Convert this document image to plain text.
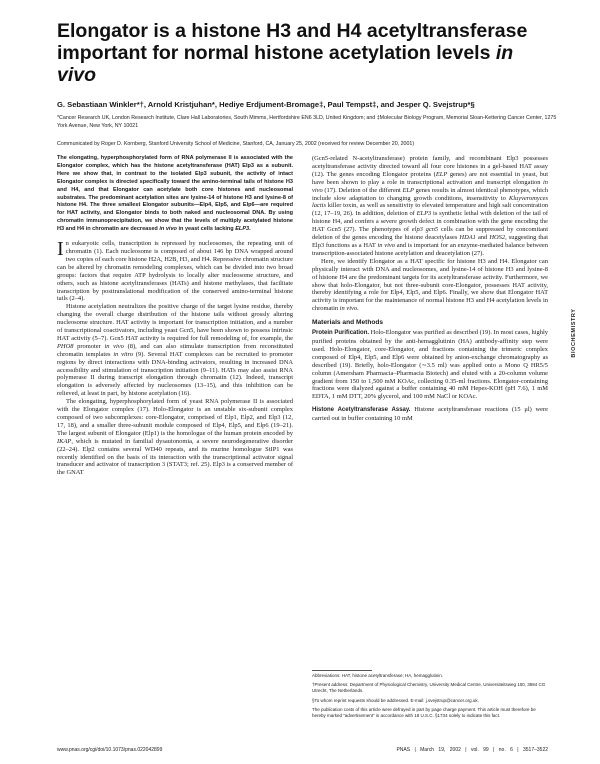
Elongator is a histone H3 and H4 acetyltransferase important for normal histone acetylation levels in vivo
G. Sebastiaan Winkler*†, Arnold Kristjuhan*, Hediye Erdjument-Bromage‡, Paul Tempst‡, and Jesper Q. Svejstrup*§
*Cancer Research UK, London Research Institute, Clare Hall Laboratories, South Mimms, Hertfordshire EN6 3LD, United Kingdom; and ‡Molecular Biology Program, Memorial Sloan-Kettering Cancer Center, 1275 York Avenue, New York, NY 10021
Communicated by Roger D. Kornberg, Stanford University School of Medicine, Stanford, CA, January 25, 2002 (received for review December 20, 2001)

The elongating, hyperphosphorylated form of RNA polymerase II is associated with the Elongator complex, which has the histone acetyltransferase (HAT) Elp3 as a subunit. Here we show that, in contrast to the isolated Elp3 subunit, the activity of intact Elongator complex is directed specifically toward the amino-terminal tails of histone H3 and H4, and that Elongator can acetylate both core histones and nucleosomal substrates. The predominant acetylation sites are lysine-14 of histone H3 and lysine-8 of histone H4. The three smallest Elongator subunits—Elp4, Elp5, and Elp6—are required for HAT activity, and Elongator binds to both naked and nucleosomal DNA. By using chromatin immunoprecipitation, we show that the levels of multiply acetylated histone H3 and H4 in chromatin are decreased in vivo in yeast cells lacking ELP3.

In eukaryotic cells, transcription is repressed by nucleosomes, the repeating unit of chromatin (1). Each nucleosome is composed of about 146 bp DNA wrapped around two copies of each core histone H2A, H2B, H3, and H4. Repressive chromatin structure can be altered by chromatin remodeling complexes, which can be divided into two broad groups: factors that require ATP hydrolysis to locally alter nucleosome structure, and others, such as histone acetyltransferases (HATs) and histone methylases, that facilitate transcription by posttranslational modification of the conserved amino-terminal histone tails (2–4).

Histone acetylation neutralizes the positive charge of the target lysine residue, thereby changing the overall charge distribution of the histone tails without grossly altering nucleosome structure. HAT activity is important for transcription initiation, and a number of transcriptional coactivators, including yeast Gcn5, have been shown to possess intrinsic HAT activity (5–7). Gcn5 HAT activity is required for full remodeling of, for example, the PHO8 promoter in vivo (8), and can also stimulate transcription from reconstituted chromatin templates in vitro (9). Several HAT complexes can be recruited to promoter regions by direct interactions with DNA-binding activators, resulting in increased DNA accessibility and stimulation of transcription initiation (9–11). HATs may also assist RNA polymerase II during transcript elongation through chromatin (12). Indeed, transcript elongation is adversely affected by nucleosomes (13–15), and this inhibition can be relieved, at least in part, by histone acetylation (16).

The elongating, hyperphosphorylated form of yeast RNA polymerase II is associated with the Elongator complex (17). Holo-Elongator is an unstable six-subunit complex composed of two subcomplexes: core-Elongator, comprised of Elp1, Elp2, and Elp3 (12, 17, 18), and a smaller three-subunit module composed of Elp4, Elp5, and Elp6 (19–21). The largest subunit of Elongator (Elp1) is the homologue of the human protein encoded by IKAP, which is mutated in familial dysautonomia, a severe neurodegenerative disorder (22–24). Elp2 contains several WD40 repeats, and its murine homologue StIP1 was recently identified on the basis of its interaction with the transcriptional activator signal transducer and activator of transcription 3 (STAT3; ref. 25). Elp3 is a conserved member of the GNAT

(Gcn5-related N-acetyltransferase) protein family, and recombinant Elp3 possesses acetyltransferase activity directed toward all four core histones in a gel-based HAT assay (12). The genes encoding Elongator proteins (ELP genes) are not essential in yeast, but have been shown to play a role in transcriptional activation and transcript elongation in vivo (17). Deletion of the different ELP genes results in almost identical phenotypes, which include slow adaptation to changing growth conditions, insensitivity to Kluyveromyces lactis killer toxin, as well as sensitivity to elevated temperature and high salt concentration (12, 17–19, 26). In addition, deletion of ELP3 is synthetic lethal with deletion of the tail of histone H4, and confers a severe growth defect in combination with the gene encoding the HAT Gcn5 (27). The phenotypes of elp3 gcn5 cells can be suppressed by concomitant deletion of the genes encoding the histone deacetylases HDA1 and HOS2, suggesting that Elp3 functions as a HAT in vivo and is important for an enzyme-mediated balance between transcription-associated histone acetylation and deacetylation (27).

Here, we identify Elongator as a HAT specific for histone H3 and H4. Elongator can physically interact with DNA and nucleosomes, and lysine-14 of histone H3 and lysine-8 of histone H4 are the predominant targets for its acetyltransferase activity. Furthermore, we show that holo-Elongator, but not three-subunit core-Elongator, possesses HAT activity, thereby identifying a role for Elp4, Elp5, and Elp6. Finally, we show that Elongator HAT activity is important for the maintenance of normal histone H3 and H4 acetylation levels in chromatin in vivo.

Materials and Methods

Protein Purification. Holo-Elongator was purified as described (19). In most cases, highly purified proteins obtained by the anti-hemagglutinin (HA) antibody-affinity step were used. Holo-Elongator, core-Elongator, and fractions containing the trimeric complex composed of Elp4, Elp5, and Elp6 were obtained by anion-exchange chromatography as described (19). Briefly, holo-Elongator (∼3.5 ml) was applied onto a Mono Q HR5/5 column (Amersham Pharmacia–Pharmacia Biotech) and eluted with a 20-column volume gradient from 150 to 1,500 mM KOAc, collecting 0.35-ml fractions. Elongator-containing fractions were dialyzed against a buffer containing 40 mM Hepes-KOH (pH 7.6), 1 mM EDTA, 1 mM DTT, 20% glycerol, and 100 mM NaCl or KOAc.

Histone Acetyltransferase Assay. Histone acetyltransferase reactions (15 μl) were carried out in buffer containing 10 mM

Abbreviations: HAT, histone acetyltransferase; HA, hemagglutinin.

†Present address: Department of Physiological Chemistry, University Medical Centre, Universiteitsweg 100, 3584 CG Utrecht, The Netherlands.

§To whom reprint requests should be addressed. E-mail: j.svejstrup@cancer.org.uk.

The publication costs of this article were defrayed in part by page charge payment. This article must therefore be hereby marked “advertisement” in accordance with 18 U.S.C. §1734 solely to indicate this fact.

BIOCHEMISTRY
www.pnas.org/cgi/doi/10.1073/pnas.022042899	PNAS | March 19, 2002 | vol. 99 | no. 6 | 3517–3522
